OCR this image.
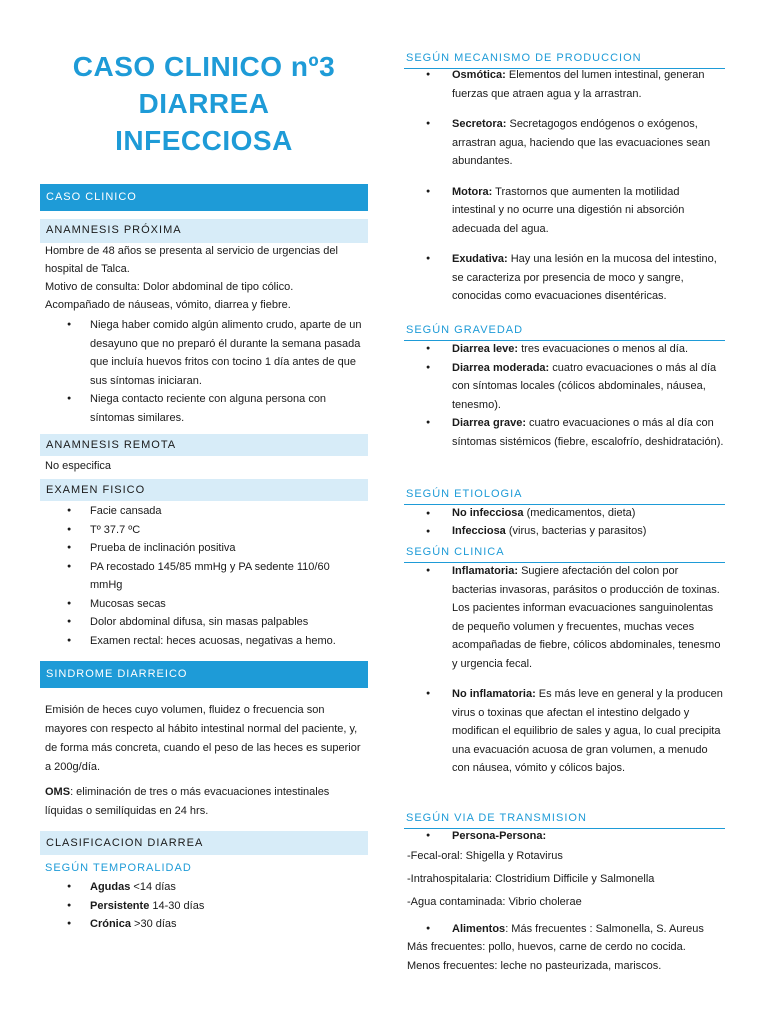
CASO CLINICO nº3
DIARREA
INFECCIOSA
CASO CLINICO
ANAMNESIS PRÓXIMA

Hombre de 48 años se presenta al servicio de urgencias del hospital de Talca.

Motivo de consulta: Dolor abdominal de tipo cólico.

Acompañado de náuseas, vómito, diarrea y fiebre.

● Niega haber comido algún alimento crudo, aparte de un desayuno que no preparó él durante la semana pasada que incluía huevos fritos con tocino 1 día antes de que sus síntomas iniciaran.
● Niega contacto reciente con alguna persona con síntomas similares.
ANAMNESIS REMOTA
No especifica
EXAMEN FISICO
● Facie cansada
● Tº 37.7 ºC
● Prueba de inclinación positiva
● PA recostado 145/85 mmHg y PA sedente 110/60 mmHg
● Mucosas secas
● Dolor abdominal difusa, sin masas palpables
● Examen rectal: heces acuosas, negativas a hemo.
SINDROME DIARREICO

Emisión de heces cuyo volumen, fluidez o frecuencia son mayores con respecto al hábito intestinal normal del paciente, y, de forma más concreta, cuando el peso de las heces es superior a 200g/día.

OMS: eliminación de tres o más evacuaciones intestinales líquidas o semilíquidas en 24 hrs.

CLASIFICACION DIARREA
SEGÚN TEMPORALIDAD
● Agudas <14 días
● Persistente 14-30 días
● Crónica >30 días
SEGÚN MECANISMO DE PRODUCCION
● Osmótica: Elementos del lumen intestinal, generan fuerzas que atraen agua y la arrastran.
● Secretora: Secretagogos endógenos o exógenos, arrastran agua, haciendo que las evacuaciones sean abundantes.
● Motora: Trastornos que aumenten la motilidad intestinal y no ocurre una digestión ni absorción adecuada del agua.
● Exudativa: Hay una lesión en la mucosa del intestino, se caracteriza por presencia de moco y sangre, conocidas como evacuaciones disentéricas.
SEGÚN GRAVEDAD
● Diarrea leve: tres evacuaciones o menos al día.
● Diarrea moderada: cuatro evacuaciones o más al día con síntomas locales (cólicos abdominales, náusea, tenesmo).
● Diarrea grave: cuatro evacuaciones o más al día con síntomas sistémicos (fiebre, escalofrío, deshidratación).
SEGÚN ETIOLOGIA
● No infecciosa (medicamentos, dieta)
● Infecciosa (virus, bacterias y parasitos)
SEGÚN CLINICA
● Inflamatoria: Sugiere afectación del colon por bacterias invasoras, parásitos o producción de toxinas. Los pacientes informan evacuaciones sanguinolentas de pequeño volumen y frecuentes, muchas veces acompañadas de fiebre, cólicos abdominales, tenesmo y urgencia fecal.
● No inflamatoria: Es más leve en general y la producen virus o toxinas que afectan el intestino delgado y modifican el equilibrio de sales y agua, lo cual precipita una evacuación acuosa de gran volumen, a menudo con náusea, vómito y cólicos bajos.
SEGÚN VIA DE TRANSMISION
● Persona-Persona:

-Fecal-oral: Shigella y Rotavirus

-Intrahospitalaria: Clostridium Difficile y Salmonella

-Agua contaminada: Vibrio cholerae

● Alimentos: Más frecuentes : Salmonella, S. Aureus

Más frecuentes: pollo, huevos, carne de cerdo no cocida.

Menos frecuentes: leche no pasteurizada, mariscos.
